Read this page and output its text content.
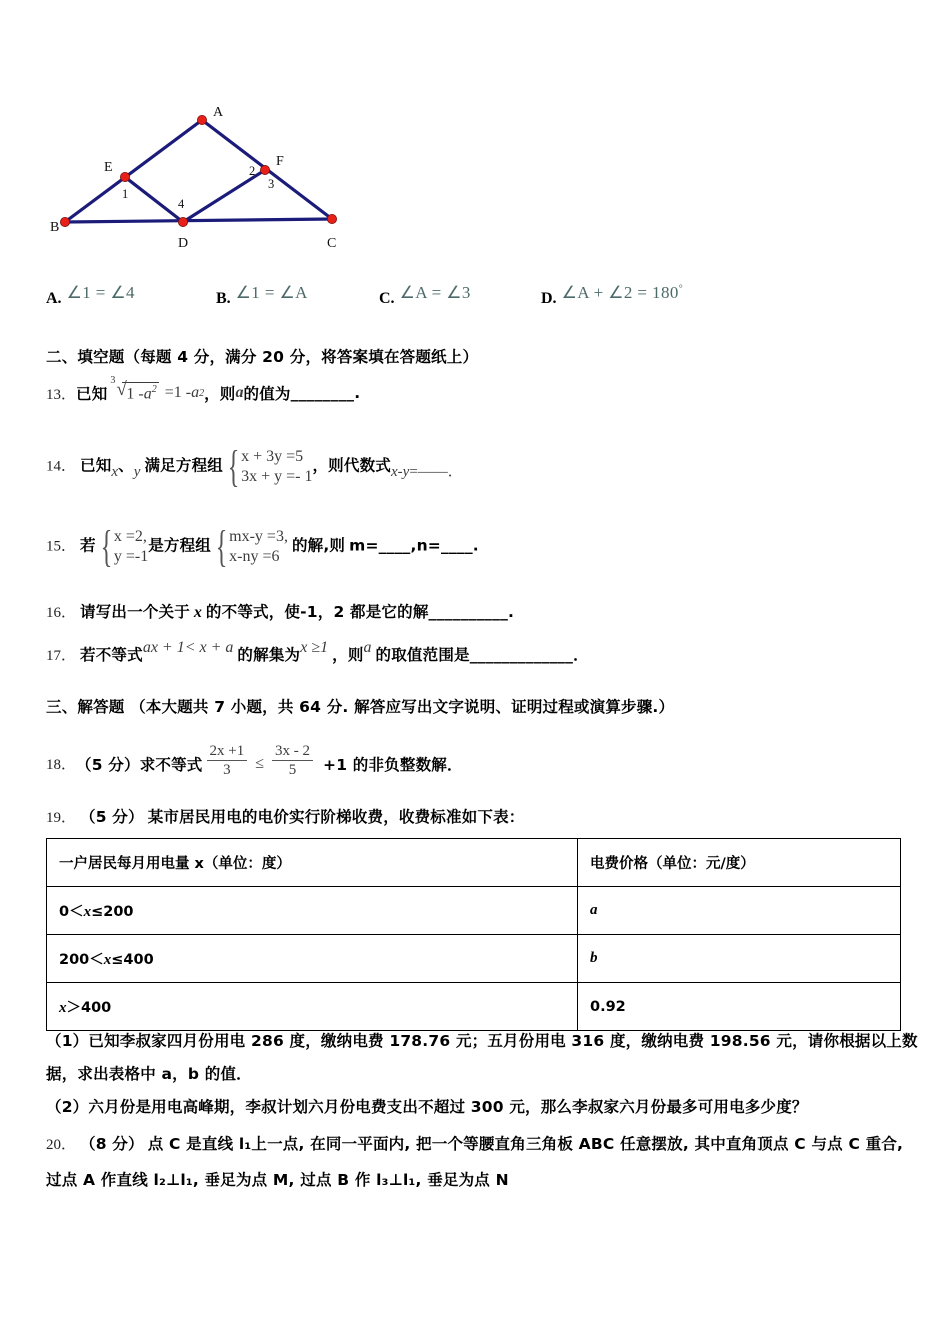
A
E	F
B
D	C
1
2
3
4
A. ∠1 = ∠4	B. ∠1 = ∠A	C. ∠A = ∠3	D. ∠A + ∠2 = 180°
二、填空题（每题 4 分，满分 20 分，将答案填在答题纸上）
13． 已知
3 √ 1 $-a^2 =1 - a$ 2 ，则 a 的值为 ________ .
14． 已知x、y 满足方程组 { x + 3y =5
3x + y =- 1
，则代数式x-y=——．
15． 若 { x =2,
y =-1
是方程组 { mx-y =3,
x-ny =6
的解,则 m=____,n=____.
16． 请写出一个关于 x 的不等式，使-1，2 都是它的解__________.
17． 若不等式ax + 1< x + a 的解集为x ≥1 ，则a 的取值范围是_____________．
三、解答题 （本大题共 7 小题，共 64 分. 解答应写出文字说明、证明过程或演算步骤.）
18． （5 分） 求不等式 $\frac{2x +1}{3} \le \frac{3x - 2}{5} +1$ 的非负整数解．
19． （5 分） 某市居民用电的电价实行阶梯收费，收费标准如下表：
一户居民每月用电量 x（单位：度）	电费价格（单位：元/度）
0＜x≤200	a
200＜x≤400	b
x＞400	0.92
（1）已知李叔家四月份用电 286 度，缴纳电费 178.76 元；五月份用电 316 度，缴纳电费 198.56 元，请你根据以上数
据，求出表格中 a，b 的值．
（2）六月份是用电高峰期，李叔计划六月份电费支出不超过 300 元，那么李叔家六月份最多可用电多少度？
20． （8 分） 点 C 是直线 l₁上一点, 在同一平面内, 把一个等腰直角三角板 ABC 任意摆放, 其中直角顶点 C 与点 C 重合,
过点 A 作直线 l₂⊥l₁, 垂足为点 M, 过点 B 作 l₃⊥l₁, 垂足为点 N
